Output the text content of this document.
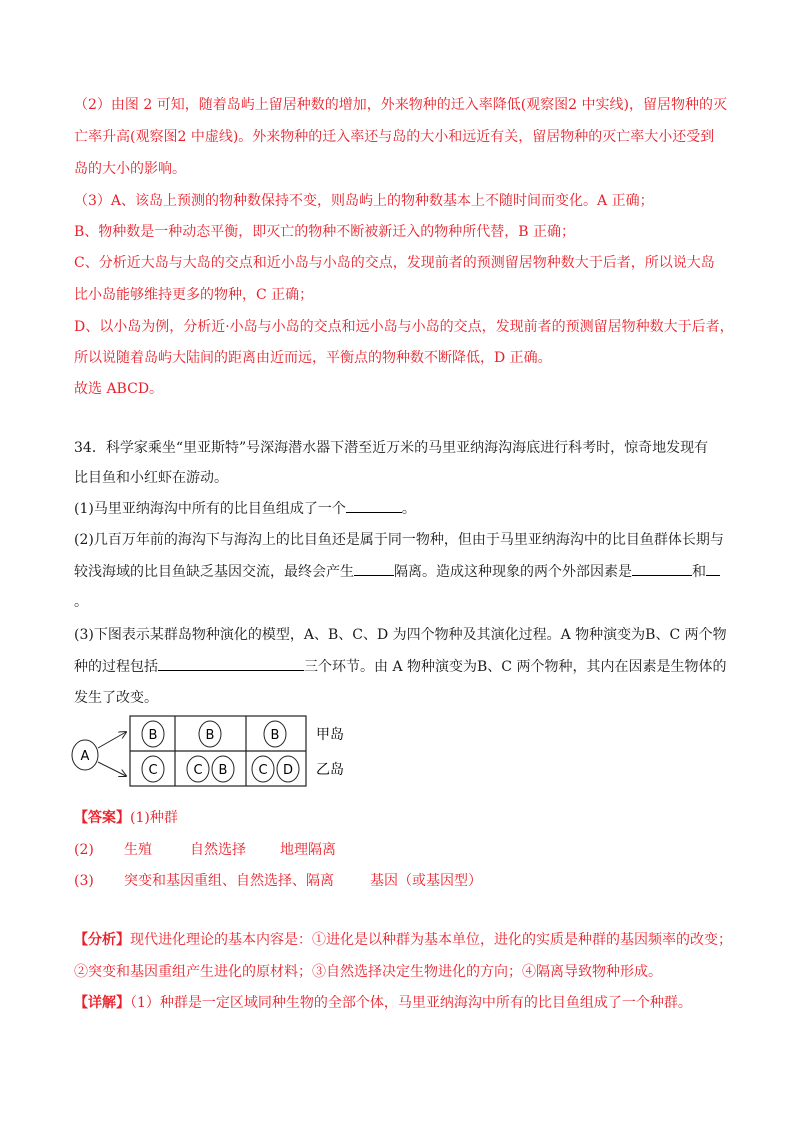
（2）由图 2 可知，随着岛屿上留居种数的增加，外来物种的迁入率降低(观察图2 中实线)，留居物种的灭
亡率升高(观察图2 中虚线)。外来物种的迁入率还与岛的大小和远近有关，留居物种的灭亡率大小还受到
岛的大小的影响。
（3）A、该岛上预测的物种数保持不变，则岛屿上的物种数基本上不随时间而变化。A 正确；
B、物种数是一种动态平衡，即灭亡的物种不断被新迁入的物种所代替，B 正确；
C、分析近大岛与大岛的交点和近小岛与小岛的交点，发现前者的预测留居物种数大于后者，所以说大岛
比小岛能够维持更多的物种，C 正确；
D、以小岛为例，分析近·小岛与小岛的交点和远小岛与小岛的交点，发现前者的预测留居物种数大于后者，
所以说随着岛屿大陆间的距离由近而远，平衡点的物种数不断降低，D 正确。
故选 ABCD。
34．科学家乘坐“里亚斯特”号深海潜水器下潜至近万米的马里亚纳海沟海底进行科考时，惊奇地发现有
比目鱼和小红虾在游动。
(1)马里亚纳海沟中所有的比目鱼组成了一个	。
(2)几百万年前的海沟下与海沟上的比目鱼还是属于同一物种，但由于马里亚纳海沟中的比目鱼群体长期与
较浅海域的比目鱼缺乏基因交流，最终会产生	隔离。造成这种现象的两个外部因素是	和
。
(3)下图表示某群岛物种演化的模型，A、B、C、D 为四个物种及其演化过程。A 物种演变为B、C 两个物
种的过程包括	三个环节。由 A 物种演变为B、C 两个物种，其内在因素是生物体的
发生了改变。
A
B	B	B
C	C B C D
甲岛
乙岛
【答案】(1)种群
(2) 生殖	自然选择 地理隔离
(3) 突变和基因重组、自然选择、隔离	基因（或基因型）
【分析】现代进化理论的基本内容是：①进化是以种群为基本单位，进化的实质是种群的基因频率的改变；
②突变和基因重组产生进化的原材料；③自然选择决定生物进化的方向；④隔离导致物种形成。
【详解】（1）种群是一定区域同种生物的全部个体，马里亚纳海沟中所有的比目鱼组成了一个种群。
